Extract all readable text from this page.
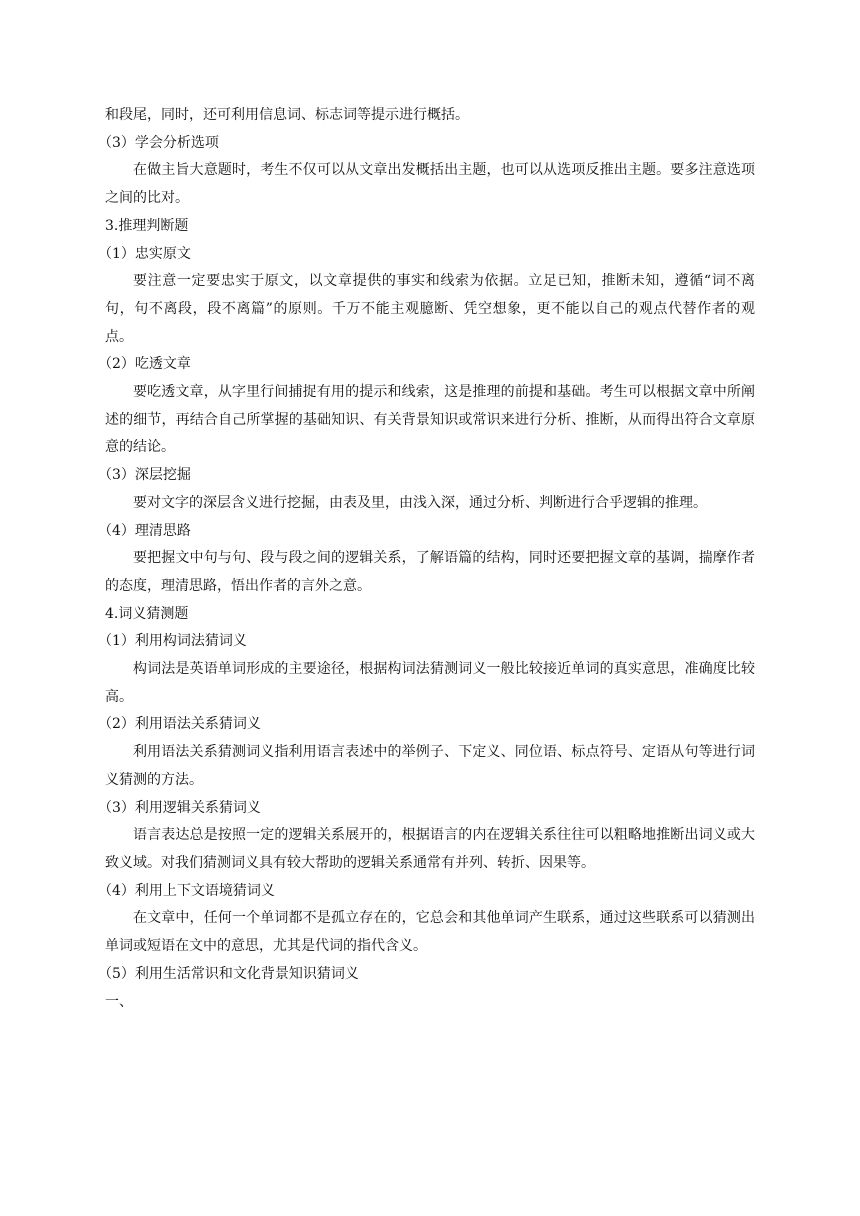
和段尾，同时，还可利用信息词、标志词等提示进行概括。
（3）学会分析选项
在做主旨大意题时，考生不仅可以从文章出发概括出主题，也可以从选项反推出主题。要多注意选项之间的比对。
3.推理判断题
（1）忠实原文
要注意一定要忠实于原文，以文章提供的事实和线索为依据。立足已知，推断未知，遵循“词不离句，句不离段，段不离篇”的原则。千万不能主观臆断、凭空想象，更不能以自己的观点代替作者的观点。
（2）吃透文章
要吃透文章，从字里行间捕捉有用的提示和线索，这是推理的前提和基础。考生可以根据文章中所阐述的细节，再结合自己所掌握的基础知识、有关背景知识或常识来进行分析、推断，从而得出符合文章原意的结论。
（3）深层挖掘
要对文字的深层含义进行挖掘，由表及里，由浅入深，通过分析、判断进行合乎逻辑的推理。
（4）理清思路
要把握文中句与句、段与段之间的逻辑关系，了解语篇的结构，同时还要把握文章的基调，揣摩作者的态度，理清思路，悟出作者的言外之意。
4.词义猜测题
（1）利用构词法猜词义
构词法是英语单词形成的主要途径，根据构词法猜测词义一般比较接近单词的真实意思，准确度比较高。
（2）利用语法关系猜词义
利用语法关系猜测词义指利用语言表述中的举例子、下定义、同位语、标点符号、定语从句等进行词义猜测的方法。
（3）利用逻辑关系猜词义
语言表达总是按照一定的逻辑关系展开的，根据语言的内在逻辑关系往往可以粗略地推断出词义或大致义域。对我们猜测词义具有较大帮助的逻辑关系通常有并列、转折、因果等。
（4）利用上下文语境猜词义
在文章中，任何一个单词都不是孤立存在的，它总会和其他单词产生联系，通过这些联系可以猜测出单词或短语在文中的意思，尤其是代词的指代含义。
（5）利用生活常识和文化背景知识猜词义
一、
